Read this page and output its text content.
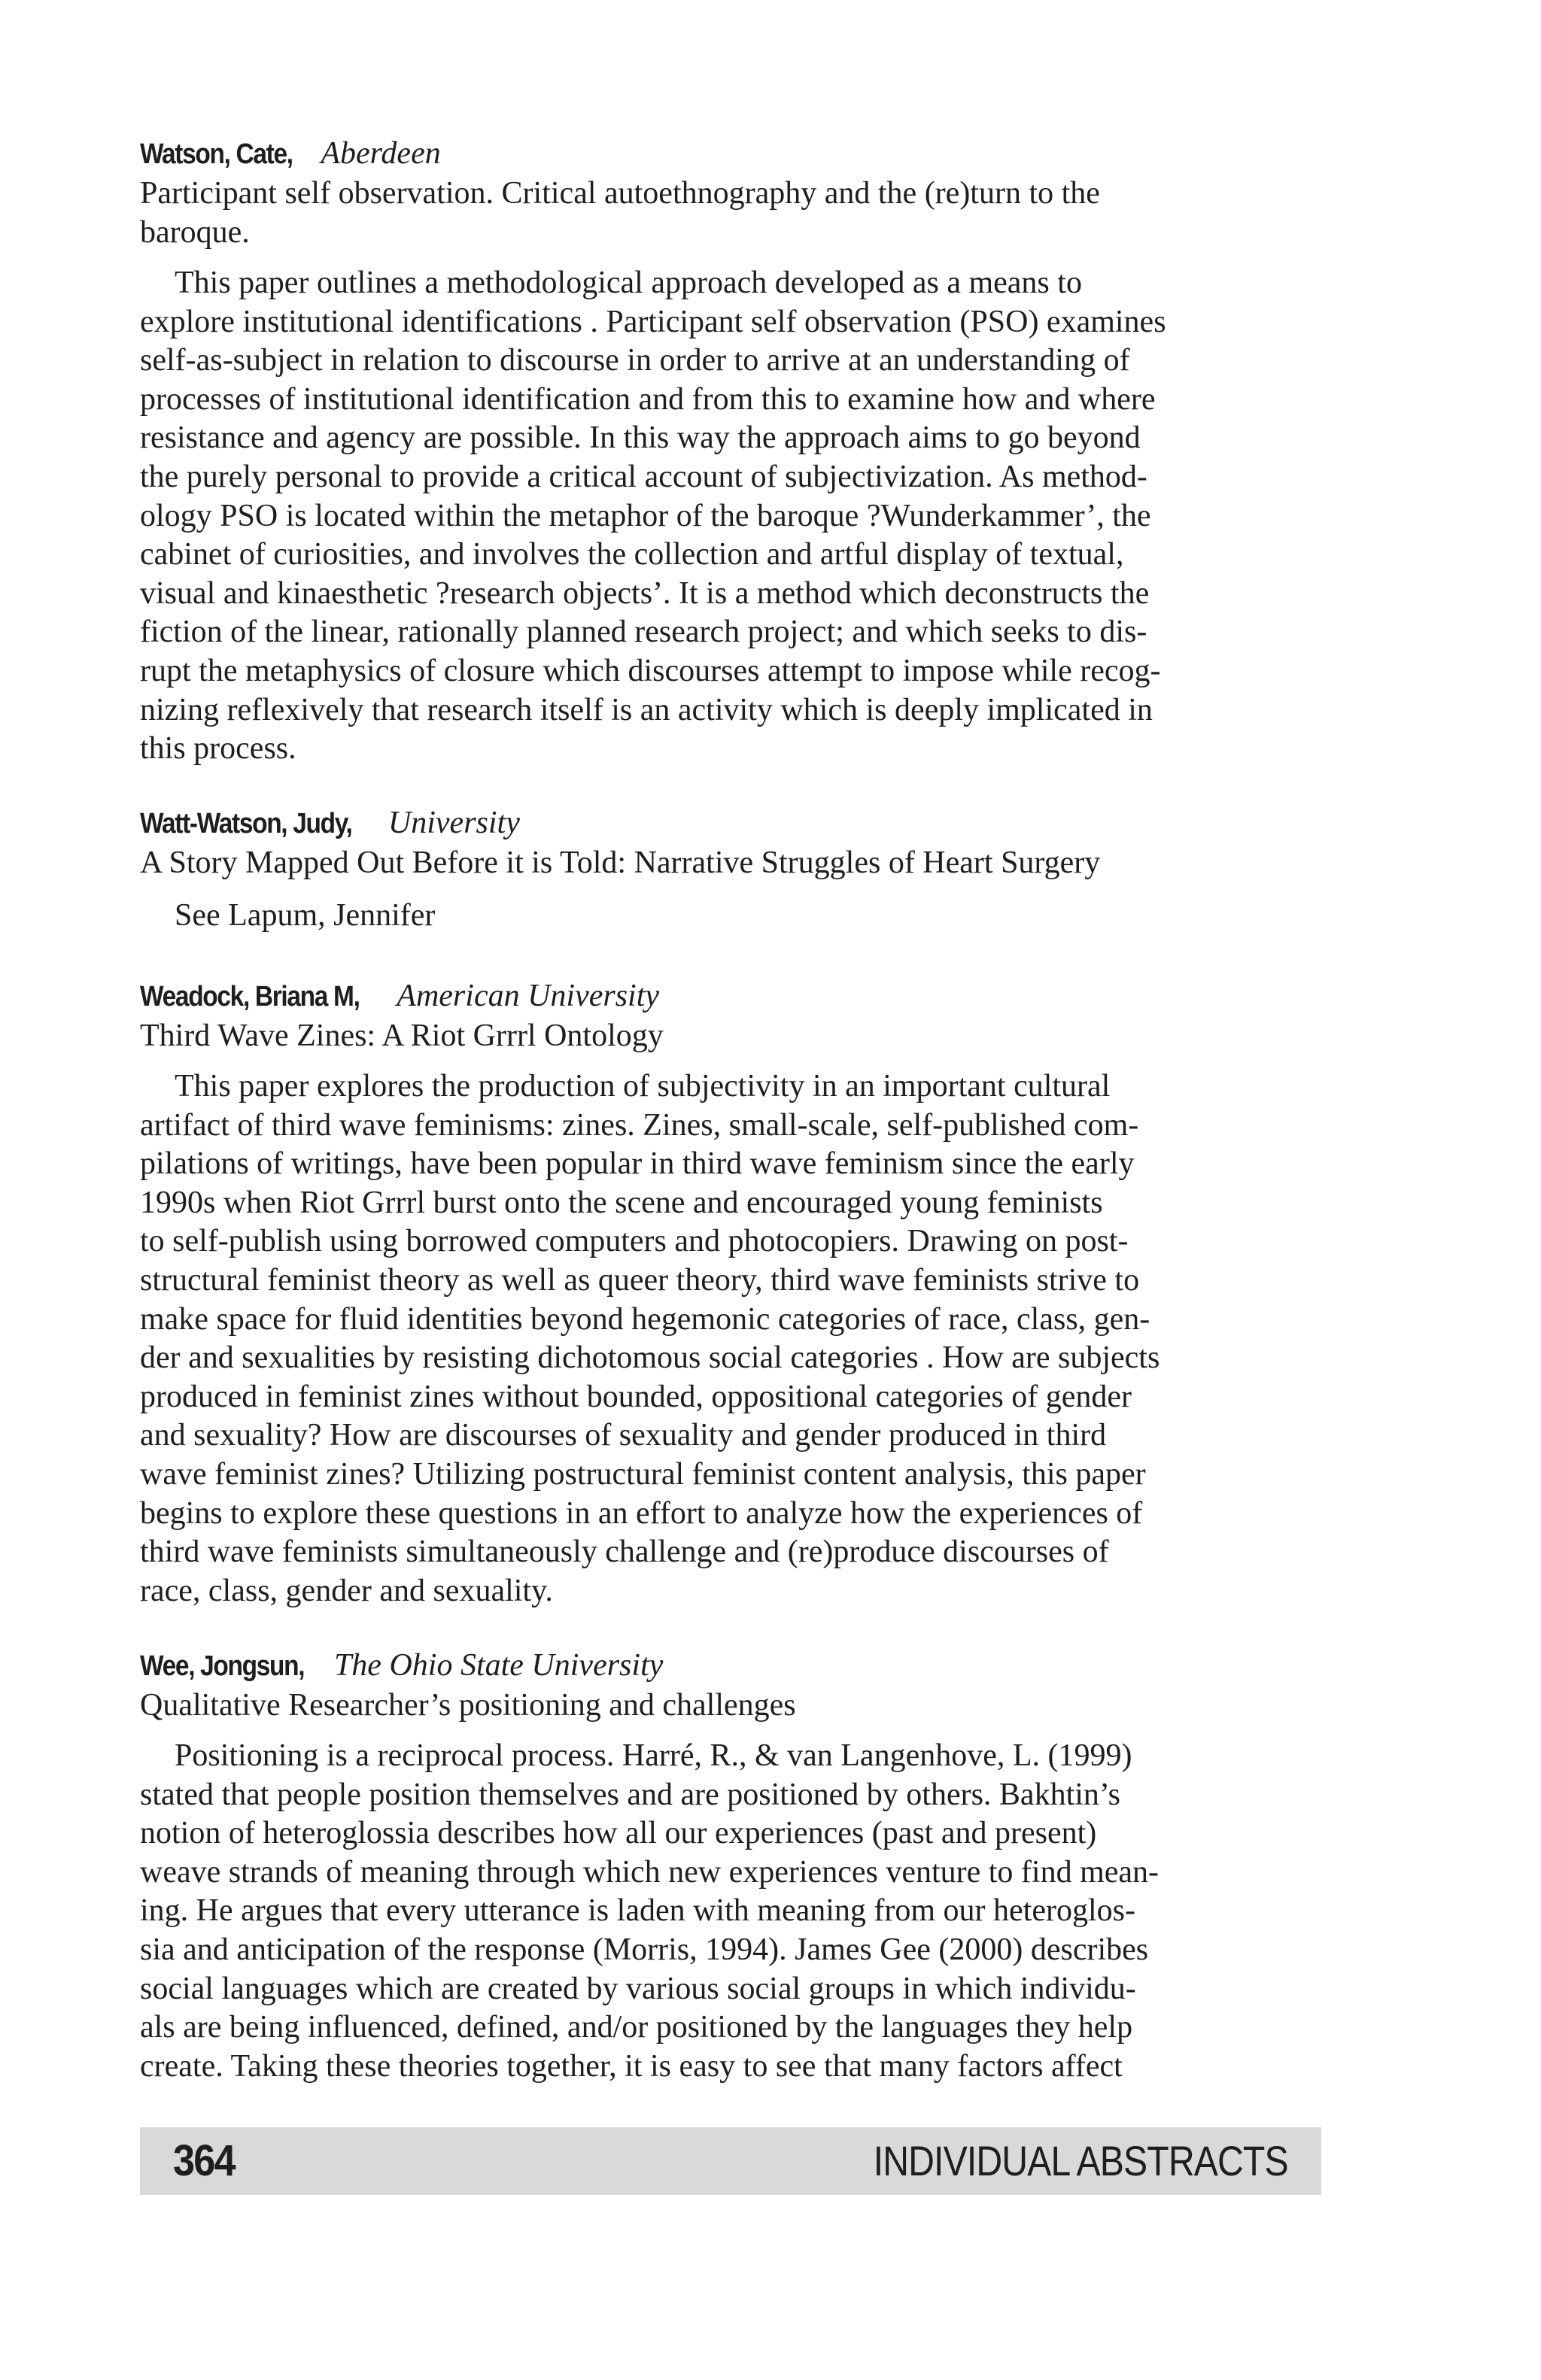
Watson, Cate, Aberdeen

Participant self observation. Critical autoethnography and the (re)turn to the
baroque.

This paper outlines a methodological approach developed as a means to
explore institutional identifications . Participant self observation (PSO) examines
self-as-subject in relation to discourse in order to arrive at an understanding of
processes of institutional identification and from this to examine how and where
resistance and agency are possible. In this way the approach aims to go beyond
the purely personal to provide a critical account of subjectivization. As method-
ology PSO is located within the metaphor of the baroque ?Wunderkammer’, the
cabinet of curiosities, and involves the collection and artful display of textual,
visual and kinaesthetic ?research objects’. It is a method which deconstructs the
fiction of the linear, rationally planned research project; and which seeks to dis-
rupt the metaphysics of closure which discourses attempt to impose while recog-
nizing reflexively that research itself is an activity which is deeply implicated in
this process.

Watt-Watson, Judy, University

A Story Mapped Out Before it is Told: Narrative Struggles of Heart Surgery

See Lapum, Jennifer

Weadock, Briana M, American University

Third Wave Zines: A Riot Grrrl Ontology

This paper explores the production of subjectivity in an important cultural
artifact of third wave feminisms: zines. Zines, small-scale, self-published com-
pilations of writings, have been popular in third wave feminism since the early
1990s when Riot Grrrl burst onto the scene and encouraged young feminists
to self-publish using borrowed computers and photocopiers. Drawing on post-
structural feminist theory as well as queer theory, third wave feminists strive to
make space for fluid identities beyond hegemonic categories of race, class, gen-
der and sexualities by resisting dichotomous social categories . How are subjects
produced in feminist zines without bounded, oppositional categories of gender
and sexuality? How are discourses of sexuality and gender produced in third
wave feminist zines? Utilizing postructural feminist content analysis, this paper
begins to explore these questions in an effort to analyze how the experiences of
third wave feminists simultaneously challenge and (re)produce discourses of
race, class, gender and sexuality.

Wee, Jongsun, The Ohio State University

Qualitative Researcher’s positioning and challenges

Positioning is a reciprocal process. Harré, R., & van Langenhove, L. (1999)
stated that people position themselves and are positioned by others. Bakhtin’s
notion of heteroglossia describes how all our experiences (past and present)
weave strands of meaning through which new experiences venture to find mean-
ing. He argues that every utterance is laden with meaning from our heteroglos-
sia and anticipation of the response (Morris, 1994). James Gee (2000) describes
social languages which are created by various social groups in which individu-
als are being influenced, defined, and/or positioned by the languages they help
create. Taking these theories together, it is easy to see that many factors affect

364	INDIVIDUAL ABSTRACTS
